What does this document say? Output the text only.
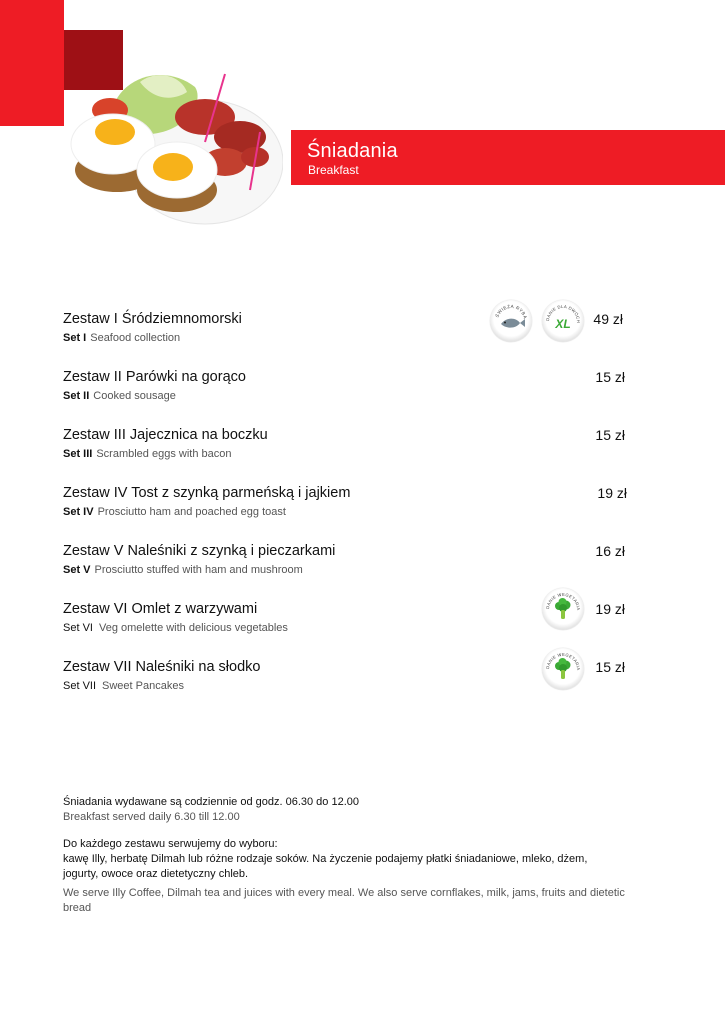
Śniadania
Breakfast
Zestaw I Śródziemnomorski
Set I Seafood collection
49 zł
ŚWIEŻA RYBA	DANIE DLA DWÓCH
XL
Zestaw II Parówki na gorąco
Set II Cooked sousage
15 zł
Zestaw III Jajecznica na boczku
Set III Scrambled eggs with bacon
15 zł
Zestaw IV Tost z szynką parmeńską i jajkiem
Set IV Prosciutto ham and poached egg toast
19 zł
Zestaw V Naleśniki z szynką i pieczarkami
Set V Prosciutto stuffed with ham and mushroom
16 zł
Zestaw VI Omlet z warzywami
Set VI Veg omelette with delicious vegetables
19 zł
DANIE WEGETARIA
Zestaw VII Naleśniki na słodko
Set VII Sweet Pancakes
15 zł
DANIE WEGETARIA
Śniadania wydawane są codziennie od godz. 06.30 do 12.00
Breakfast served daily 6.30 till 12.00
Do każdego zestawu serwujemy do wyboru:
kawę Illy, herbatę Dilmah lub różne rodzaje soków. Na życzenie podajemy płatki śniadaniowe, mleko, dżem,
jogurty, owoce oraz dietetyczny chleb.
We serve Illy Coffee, Dilmah tea and juices with every meal. We also serve cornflakes, milk, jams, fruits and dietetic
bread
